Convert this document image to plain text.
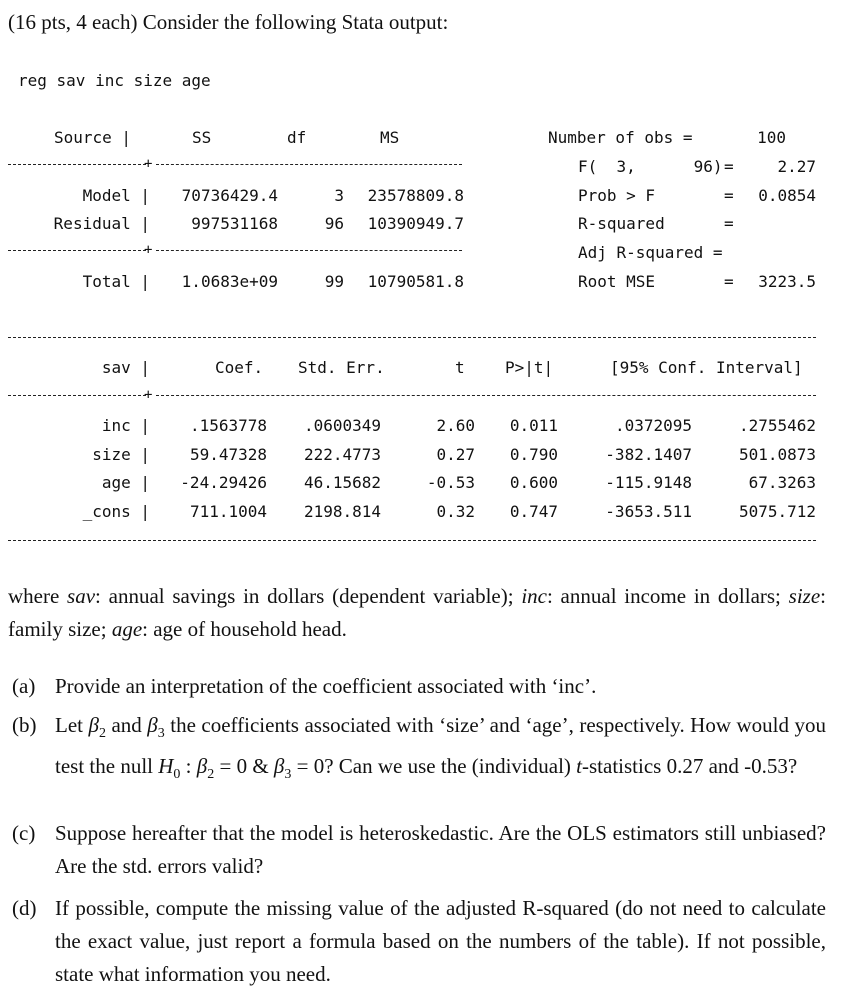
(16 pts, 4 each) Consider the following Stata output:
reg sav inc size age
Source |	SS	df	MS
+
Model | 70736429.4	3 23578809.8
Residual |	997531168	96 10390949.7
+
Total | 1.0683e+09	99 10790581.8
Number of obs =	100
F(  3,      96) =	2.27
Prob > F	= 0.0854
R-squared	=
Adj R-squared =
Root MSE	= 3223.5
sav |	Coef. Std. Err.	t	P>|t|	[95% Conf. Interval]
+
inc | .1563778 .0600349	2.60 0.011	.0372095	.2755462
size | 59.47328 222.4773	0.27 0.790	-382.1407	501.0873
age | -24.29426 46.15682	-0.53 0.600	-115.9148	67.3263
_cons | 711.1004 2198.814	0.32 0.747	-3653.511	5075.712
where sav: annual savings in dollars (dependent variable); inc: annual income in dollars; size: family size; age: age of household head.
(a) Provide an interpretation of the coefficient associated with ‘inc’.
(b) Let $\beta_2$ and $\beta_3$ the coefficients associated with ‘size’ and ‘age’, respectively. How would you test the null $H_0$ : $\beta_2 = 0$ & $\beta_3 = 0$? Can we use the (individual) t-statistics 0.27 and -0.53?
(c) Suppose hereafter that the model is heteroskedastic. Are the OLS estimators still unbiased? Are the std. errors valid?
(d) If possible, compute the missing value of the adjusted R-squared (do not need to calculate the exact value, just report a formula based on the numbers of the table). If not possible, state what information you need.
